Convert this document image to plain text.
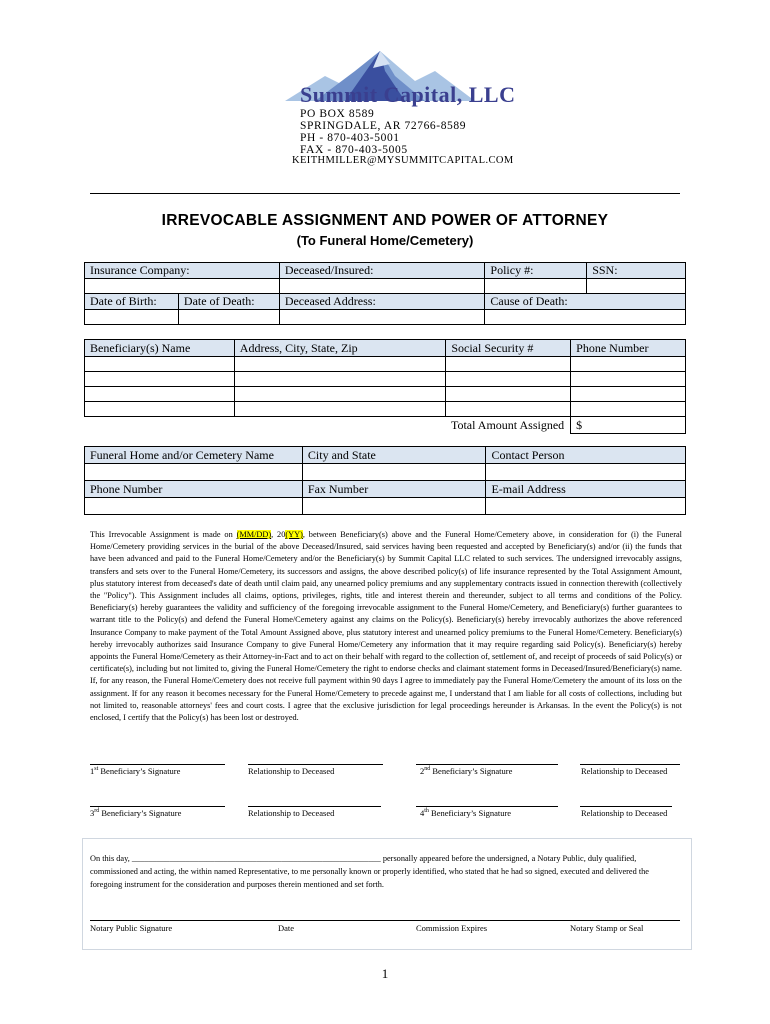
Summit Capital, LLC
PO BOX 8589
SPRINGDALE, AR 72766-8589
PH - 870-403-5001
FAX - 870-403-5005
KEITHMILLER@MYSUMMITCAPITAL.COM
IRREVOCABLE ASSIGNMENT AND POWER OF ATTORNEY
(To Funeral Home/Cemetery)
Insurance Company:		Deceased/Insured:	Policy #:	SSN:

Date of Birth:	Date of Death:	Deceased Address:	Cause of Death:	

Beneficiary(s) Name	Address, City, State, Zip	Social Security #	Phone Number

Total Amount Assigned			$
Funeral Home and/or Cemetery Name	City and State	Contact Person

Phone Number	Fax Number	E-mail Address

This Irrevocable Assignment is made on (MM/DD), 20(YY), between Beneficiary(s) above and the Funeral Home/Cemetery above, in consideration for (i) the Funeral Home/Cemetery providing services in the burial of the above Deceased/Insured, said services having been requested and accepted by Beneficiary(s) and/or (ii) the funds that have been advanced and paid to the Funeral Home/Cemetery and/or the Beneficiary(s) by Summit Capital LLC related to such services. The undersigned irrevocably assigns, transfers and sets over to the Funeral Home/Cemetery, its successors and assigns, the above described policy(s) of life insurance represented by the Total Assignment Amount, plus statutory interest from deceased's date of death until claim paid, any unearned policy premiums and any supplementary contracts issued in connection therewith (collectively the "Policy"). This Assignment includes all claims, options, privileges, rights, title and interest therein and thereunder, subject to all terms and conditions of the Policy. Beneficiary(s) hereby guarantees the validity and sufficiency of the foregoing irrevocable assignment to the Funeral Home/Cemetery, and Beneficiary(s) further guarantees to warrant title to the Policy(s) and defend the Funeral Home/Cemetery against any claims on the Policy(s). Beneficiary(s) hereby irrevocably authorizes the above referenced Insurance Company to make payment of the Total Amount Assigned above, plus statutory interest and unearned policy premiums to the Funeral Home/Cemetery. Beneficiary(s) hereby irrevocably authorizes said Insurance Company to give Funeral Home/Cemetery any information that it may require regarding said Policy(s). Beneficiary(s) hereby appoints the Funeral Home/Cemetery as their Attorney-in-Fact and to act on their behalf with regard to the collection of, settlement of, and receipt of proceeds of said Policy(s) or certificate(s), including but not limited to, giving the Funeral Home/Cemetery the right to endorse checks and claimant statement forms in Deceased/Insured/Beneficiary(s) name. If, for any reason, the Funeral Home/Cemetery does not receive full payment within 90 days I agree to immediately pay the Funeral Home/Cemetery the amount of its loss on the assignment. If for any reason it becomes necessary for the Funeral Home/Cemetery to precede against me, I understand that I am liable for all costs of collections, including but not limited to, reasonable attorneys' fees and court costs. I agree that the exclusive jurisdiction for legal proceedings hereunder is Arkansas. In the event the Policy(s) is not enclosed, I certify that the Policy(s) has been lost or destroyed.
1st Beneficiary’s Signature	Relationship to Deceased	2nd Beneficiary’s Signature	Relationship to Deceased
3rd Beneficiary’s Signature	Relationship to Deceased	4th Beneficiary’s Signature	Relationship to Deceased
On this day, ____________________________________________________________ personally appeared before the undersigned, a Notary Public, duly qualified, commissioned and acting, the within named Representative, to me personally known or properly identified, who stated that he had so signed, executed and delivered the foregoing instrument for the consideration and purposes therein mentioned and set forth.
Notary Public Signature	Date	Commission Expires	Notary Stamp or Seal
1
